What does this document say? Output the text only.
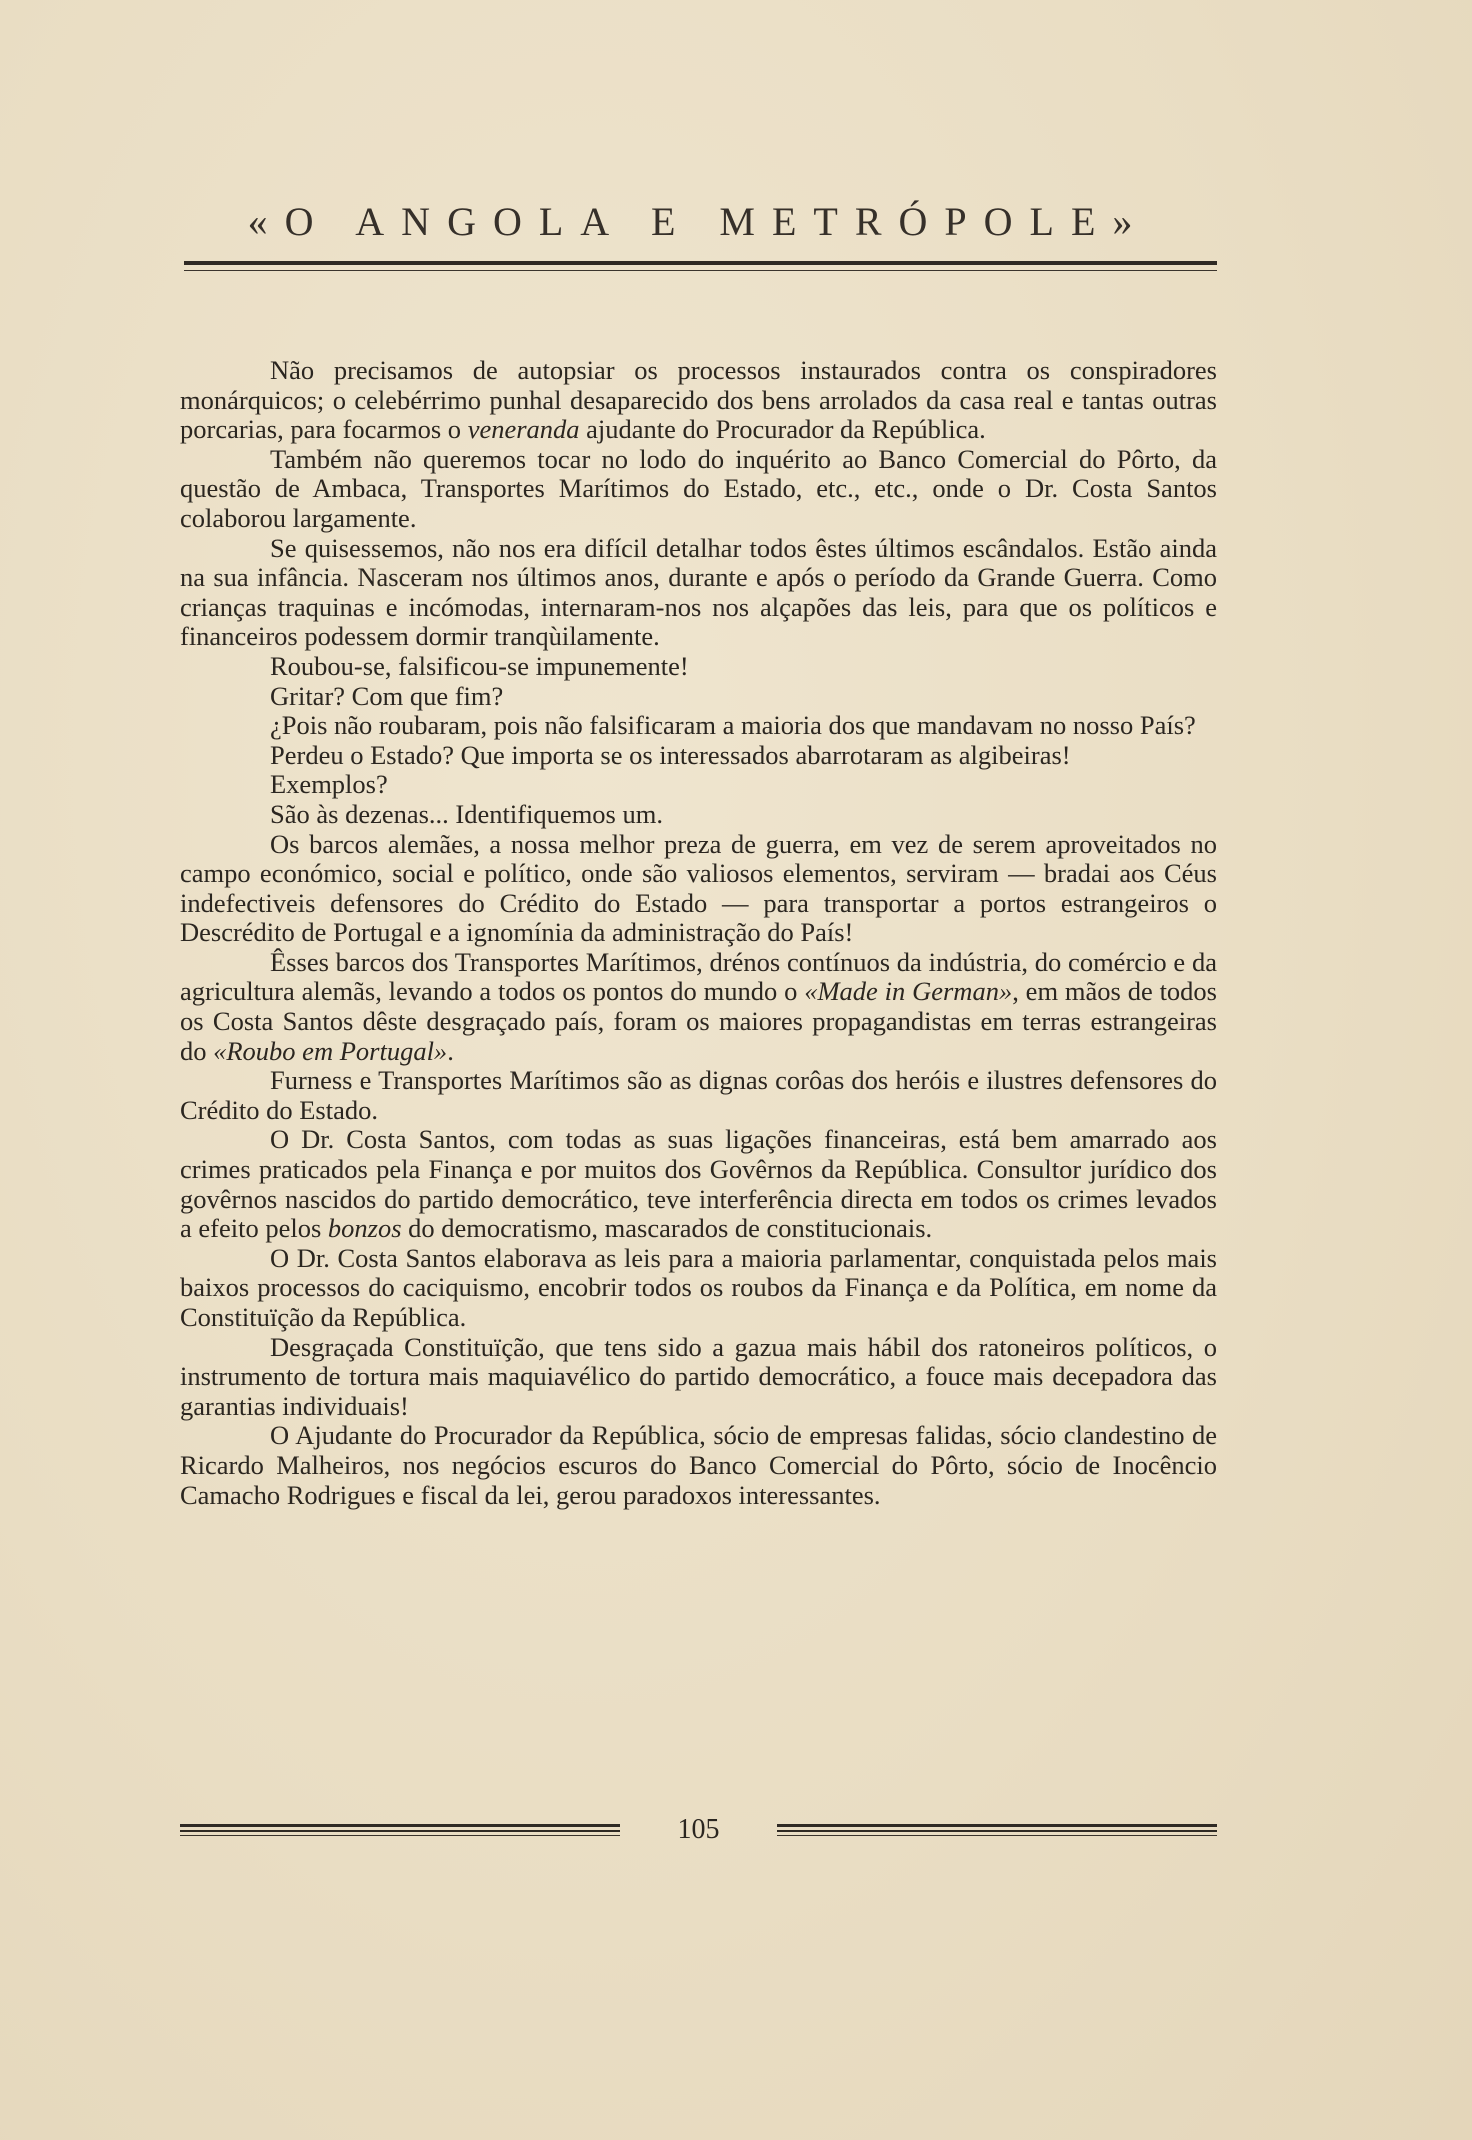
«O ANGOLA E METRÓPOLE»

Não precisamos de autopsiar os processos instaurados contra os conspiradores monárquicos; o celebérrimo punhal desaparecido dos bens arrolados da casa real e tantas outras porcarias, para focarmos o veneranda ajudante do Procurador da República.

Também não queremos tocar no lodo do inquérito ao Banco Comercial do Pôrto, da questão de Ambaca, Transportes Marítimos do Estado, etc., etc., onde o Dr. Costa Santos colaborou largamente.

Se quisessemos, não nos era difícil detalhar todos êstes últimos escândalos. Estão ainda na sua infância. Nasceram nos últimos anos, durante e após o período da Grande Guerra. Como crianças traquinas e incómodas, internaram-nos nos alçapões das leis, para que os políticos e financeiros podessem dormir tranqùilamente.

Roubou-se, falsificou-se impunemente!

Gritar? Com que fim?

¿Pois não roubaram, pois não falsificaram a maioria dos que mandavam no nosso País?

Perdeu o Estado? Que importa se os interessados abarrotaram as algibeiras!

Exemplos?

São às dezenas... Identifiquemos um.

Os barcos alemães, a nossa melhor preza de guerra, em vez de serem aproveitados no campo económico, social e político, onde são valiosos elementos, serviram — bradai aos Céus indefectiveis defensores do Crédito do Estado — para transportar a portos estrangeiros o Descrédito de Portugal e a ignomínia da administração do País!

Êsses barcos dos Transportes Marítimos, drénos contínuos da indústria, do comércio e da agricultura alemãs, levando a todos os pontos do mundo o «Made in German», em mãos de todos os Costa Santos dêste desgraçado país, foram os maiores propagandistas em terras estrangeiras do «Roubo em Portugal».

Furness e Transportes Marítimos são as dignas corôas dos heróis e ilustres defensores do Crédito do Estado.

O Dr. Costa Santos, com todas as suas ligações financeiras, está bem amarrado aos crimes praticados pela Finança e por muitos dos Govêrnos da República. Consultor jurídico dos govêrnos nascidos do partido democrático, teve interferência directa em todos os crimes levados a efeito pelos bonzos do democratismo, mascarados de constitucionais.

O Dr. Costa Santos elaborava as leis para a maioria parlamentar, conquistada pelos mais baixos processos do caciquismo, encobrir todos os roubos da Finança e da Política, em nome da Constituïção da República.

Desgraçada Constituïção, que tens sido a gazua mais hábil dos ratoneiros políticos, o instrumento de tortura mais maquiavélico do partido democrático, a fouce mais decepadora das garantias individuais!

O Ajudante do Procurador da República, sócio de empresas falidas, sócio clandestino de Ricardo Malheiros, nos negócios escuros do Banco Comercial do Pôrto, sócio de Inocêncio Camacho Rodrigues e fiscal da lei, gerou paradoxos interessantes.

105
